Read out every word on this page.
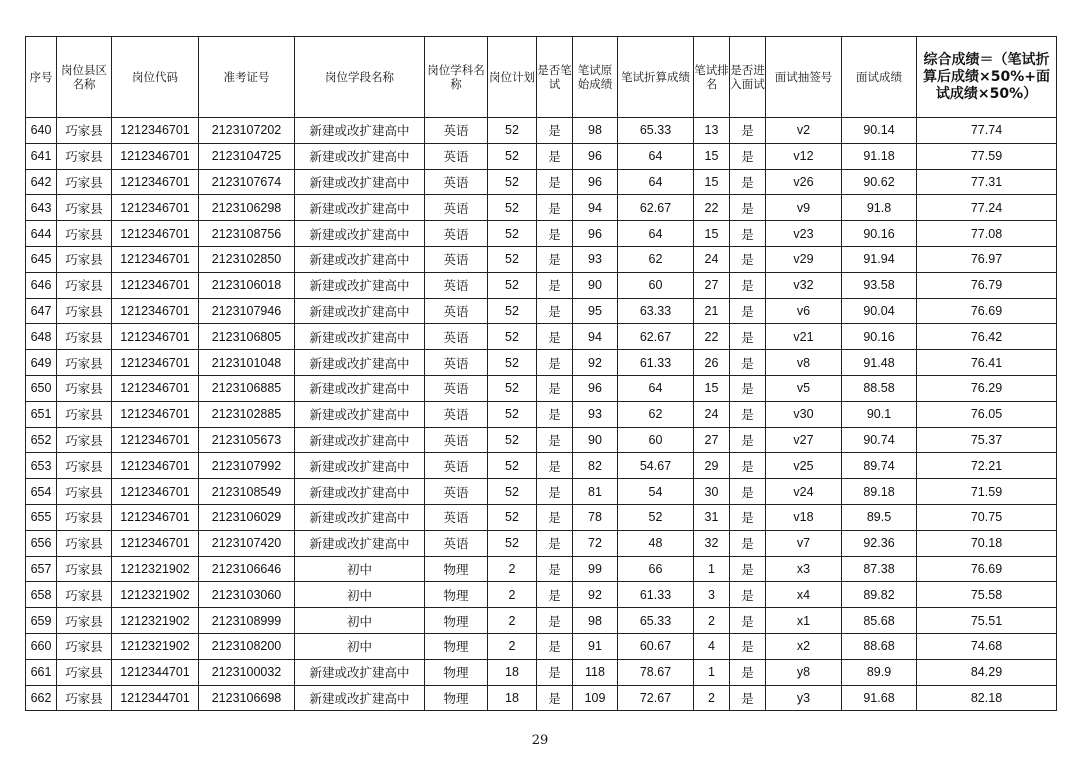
序号	岗位县区名称	岗位代码	准考证号	岗位学段名称	岗位学科名称	岗位计划	是否笔试	笔试原始成绩	笔试折算成绩	笔试排名	是否进入面试	面试抽签号	面试成绩	综合成绩＝（笔试折算后成绩×50%+面试成绩×50%）
640	巧家县	1212346701	2123107202	新建或改扩建高中	英语	52	是	98	65.33	13	是	v2	90.14	77.74
641	巧家县	1212346701	2123104725	新建或改扩建高中	英语	52	是	96	64	15	是	v12	91.18	77.59
642	巧家县	1212346701	2123107674	新建或改扩建高中	英语	52	是	96	64	15	是	v26	90.62	77.31
643	巧家县	1212346701	2123106298	新建或改扩建高中	英语	52	是	94	62.67	22	是	v9	91.8	77.24
644	巧家县	1212346701	2123108756	新建或改扩建高中	英语	52	是	96	64	15	是	v23	90.16	77.08
645	巧家县	1212346701	2123102850	新建或改扩建高中	英语	52	是	93	62	24	是	v29	91.94	76.97
646	巧家县	1212346701	2123106018	新建或改扩建高中	英语	52	是	90	60	27	是	v32	93.58	76.79
647	巧家县	1212346701	2123107946	新建或改扩建高中	英语	52	是	95	63.33	21	是	v6	90.04	76.69
648	巧家县	1212346701	2123106805	新建或改扩建高中	英语	52	是	94	62.67	22	是	v21	90.16	76.42
649	巧家县	1212346701	2123101048	新建或改扩建高中	英语	52	是	92	61.33	26	是	v8	91.48	76.41
650	巧家县	1212346701	2123106885	新建或改扩建高中	英语	52	是	96	64	15	是	v5	88.58	76.29
651	巧家县	1212346701	2123102885	新建或改扩建高中	英语	52	是	93	62	24	是	v30	90.1	76.05
652	巧家县	1212346701	2123105673	新建或改扩建高中	英语	52	是	90	60	27	是	v27	90.74	75.37
653	巧家县	1212346701	2123107992	新建或改扩建高中	英语	52	是	82	54.67	29	是	v25	89.74	72.21
654	巧家县	1212346701	2123108549	新建或改扩建高中	英语	52	是	81	54	30	是	v24	89.18	71.59
655	巧家县	1212346701	2123106029	新建或改扩建高中	英语	52	是	78	52	31	是	v18	89.5	70.75
656	巧家县	1212346701	2123107420	新建或改扩建高中	英语	52	是	72	48	32	是	v7	92.36	70.18
657	巧家县	1212321902	2123106646	初中	物理	2	是	99	66	1	是	x3	87.38	76.69
658	巧家县	1212321902	2123103060	初中	物理	2	是	92	61.33	3	是	x4	89.82	75.58
659	巧家县	1212321902	2123108999	初中	物理	2	是	98	65.33	2	是	x1	85.68	75.51
660	巧家县	1212321902	2123108200	初中	物理	2	是	91	60.67	4	是	x2	88.68	74.68
661	巧家县	1212344701	2123100032	新建或改扩建高中	物理	18	是	118	78.67	1	是	y8	89.9	84.29
662	巧家县	1212344701	2123106698	新建或改扩建高中	物理	18	是	109	72.67	2	是	y3	91.68	82.18
29
